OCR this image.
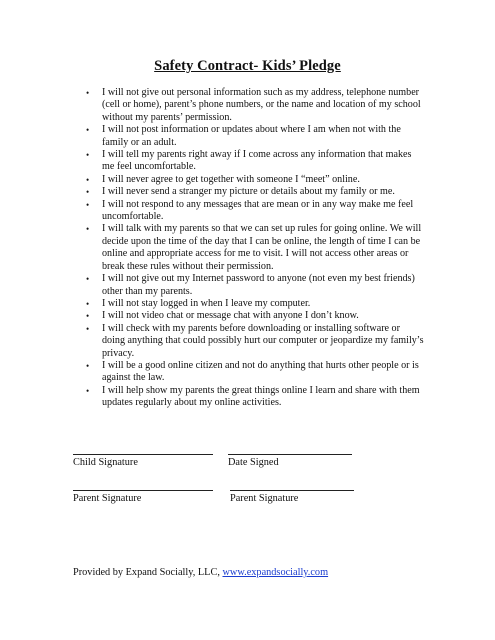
Safety Contract- Kids’ Pledge
• I will not give out personal information such as my address, telephone number (cell or home), parent’s phone numbers, or the name and location of my school without my parents’ permission.
• I will not post information or updates about where I am when not with the family or an adult.
• I will tell my parents right away if I come across any information that makes me feel uncomfortable.
• I will never agree to get together with someone I “meet” online.
• I will never send a stranger my picture or details about my family or me.
• I will not respond to any messages that are mean or in any way make me feel uncomfortable.
• I will talk with my parents so that we can set up rules for going online. We will decide upon the time of the day that I can be online, the length of time I can be online and appropriate access for me to visit. I will not access other areas or break these rules without their permission.
• I will not give out my Internet password to anyone (not even my best friends) other than my parents.
• I will not stay logged in when I leave my computer.
• I will not video chat or message chat with anyone I don’t know.
• I will check with my parents before downloading or installing software or doing anything that could possibly hurt our computer or jeopardize my family’s privacy.
• I will be a good online citizen and not do anything that hurts other people or is against the law.
• I will help show my parents the great things online I learn and share with them updates regularly about my online activities.
Child Signature	Date Signed
Parent Signature	Parent Signature
Provided by Expand Socially, LLC, www.expandsocially.com
